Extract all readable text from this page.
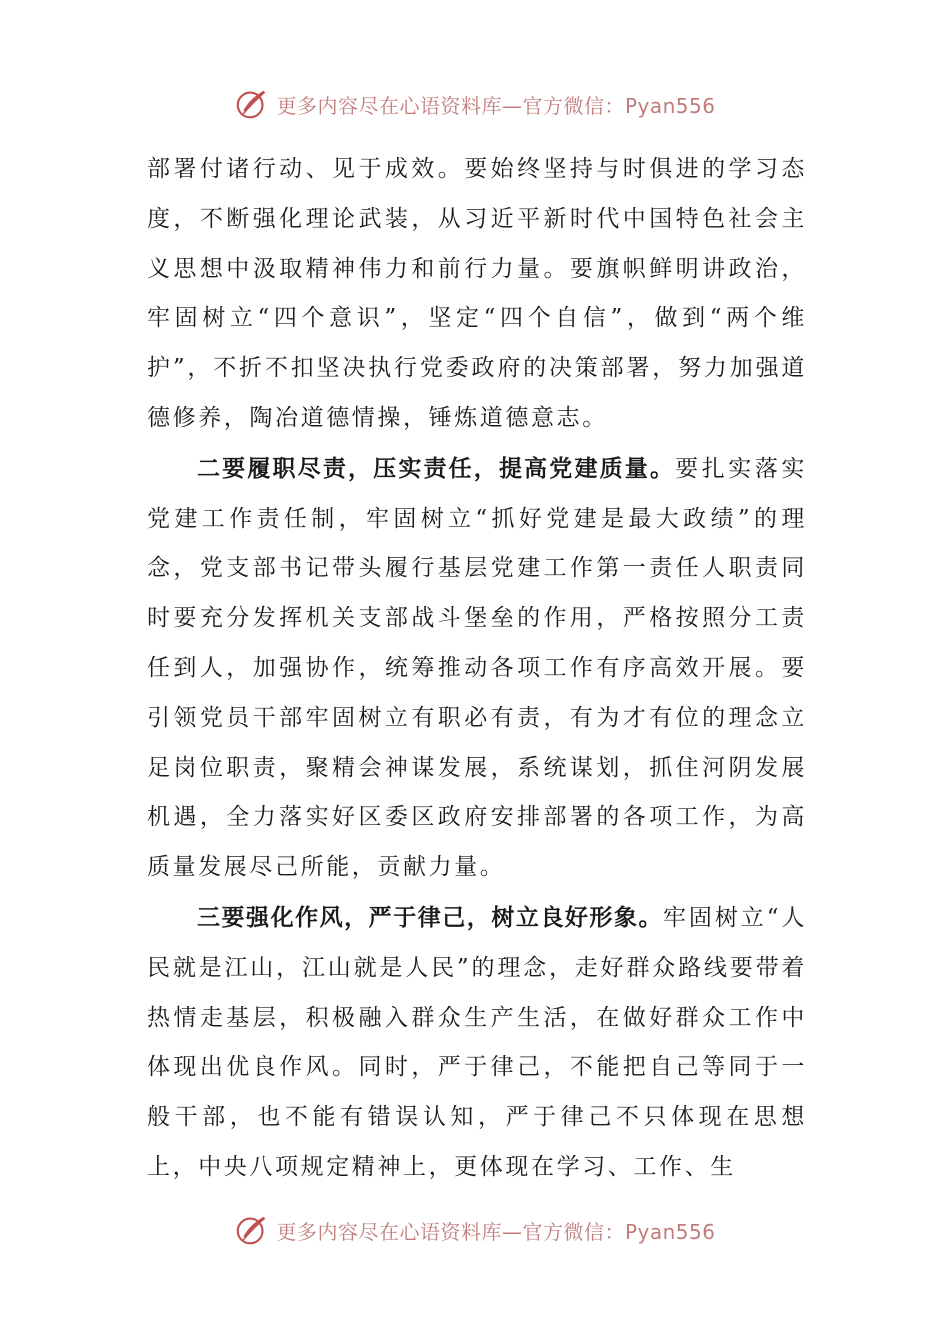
更多内容尽在心语资料库—官方微信：Pyan556

部署付诸行动、见于成效。要始终坚持与时俱进的学习态度，不断强化理论武装，从习近平新时代中国特色社会主义思想中汲取精神伟力和前行力量。要旗帜鲜明讲政治，牢固树立“四个意识”，坚定“四个自信”，做到“两个维护”，不折不扣坚决执行党委政府的决策部署，努力加强道德修养，陶冶道德情操，锤炼道德意志。

二要履职尽责，压实责任，提高党建质量。要扎实落实党建工作责任制，牢固树立“抓好党建是最大政绩”的理念，党支部书记带头履行基层党建工作第一责任人职责同时要充分发挥机关支部战斗堡垒的作用，严格按照分工责任到人，加强协作，统筹推动各项工作有序高效开展。要引领党员干部牢固树立有职必有责，有为才有位的理念立足岗位职责，聚精会神谋发展，系统谋划，抓住河阴发展机遇，全力落实好区委区政府安排部署的各项工作，为高质量发展尽己所能，贡献力量。

三要强化作风，严于律己，树立良好形象。牢固树立“人民就是江山，江山就是人民”的理念，走好群众路线要带着热情走基层，积极融入群众生产生活，在做好群众工作中体现出优良作风。同时，严于律己，不能把自己等同于一般干部，也不能有错误认知，严于律己不只体现在思想上，中央八项规定精神上，更体现在学习、工作、生

更多内容尽在心语资料库—官方微信：Pyan556
